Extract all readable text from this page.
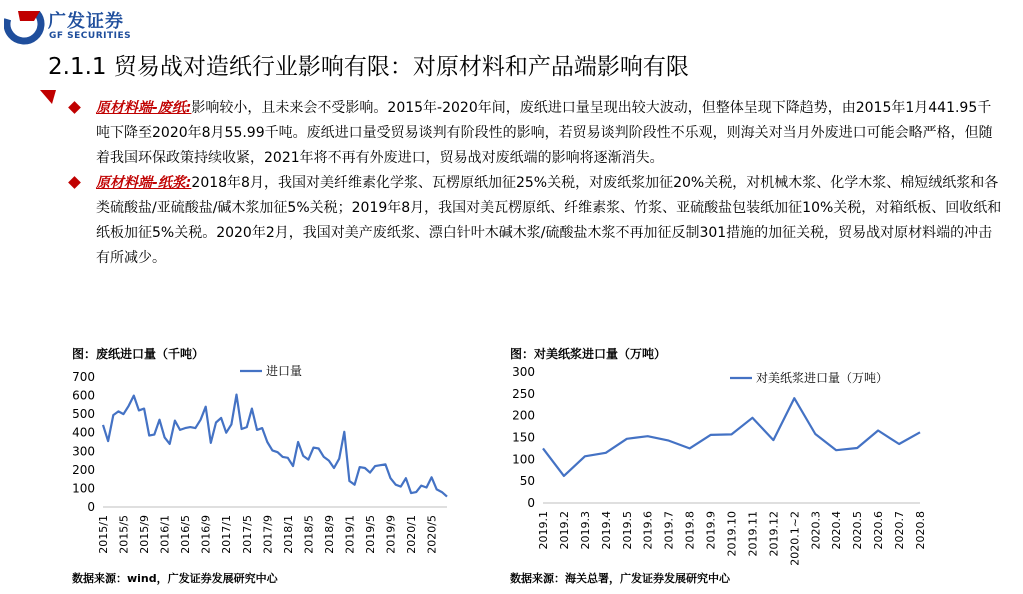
广发证券
GF SECURITIES
2.1.1 贸易战对造纸行业影响有限：对原材料和产品端影响有限
原材料端-废纸:影响较小，且未来会不受影响。2015年-2020年间，废纸进口量呈现出较大波动，但整体呈现下降趋势，由2015年1月441.95千吨下降至2020年8月55.99千吨。废纸进口量受贸易谈判有阶段性的影响，若贸易谈判阶段性不乐观，则海关对当月外废进口可能会略严格，但随着我国环保政策持续收紧，2021年将不再有外废进口，贸易战对废纸端的影响将逐渐消失。
原材料端-纸浆:2018年8月，我国对美纤维素化学浆、瓦楞原纸加征25%关税，对废纸浆加征20%关税，对机械木浆、化学木浆、棉短绒纸浆和各类硫酸盐/亚硫酸盐/碱木浆加征5%关税；2019年8月，我国对美瓦楞原纸、纤维素浆、竹浆、亚硫酸盐包装纸加征10%关税，对箱纸板、回收纸和纸板加征5%关税。2020年2月，我国对美产废纸浆、漂白针叶木碱木浆/硫酸盐木浆不再加征反制301措施的加征关税，贸易战对原材料端的冲击有所减少。
图：废纸进口量（千吨）
0
100
200
300
400
500
600
700
2015/1 2015/5 2015/9 2016/1 2016/5 2016/9 2017/1 2017/5 2017/9 2018/1 2018/5 2018/9 2019/1 2019/5 2019/9 2020/1 2020/5
进口量
数据来源：wind，广发证券发展研究中心
图：对美纸浆进口量（万吨）
0
50
100
150
200
250
300
2019.1 2019.2 2019.3 2019.4 2019.5 2019.6 2019.7 2019.8 2019.9 2019.10 2019.11 2019.12 2020.1~2 2020.3 2020.4 2020.5 2020.6 2020.7 2020.8
对美纸浆进口量（万吨）
数据来源：海关总署，广发证券发展研究中心
